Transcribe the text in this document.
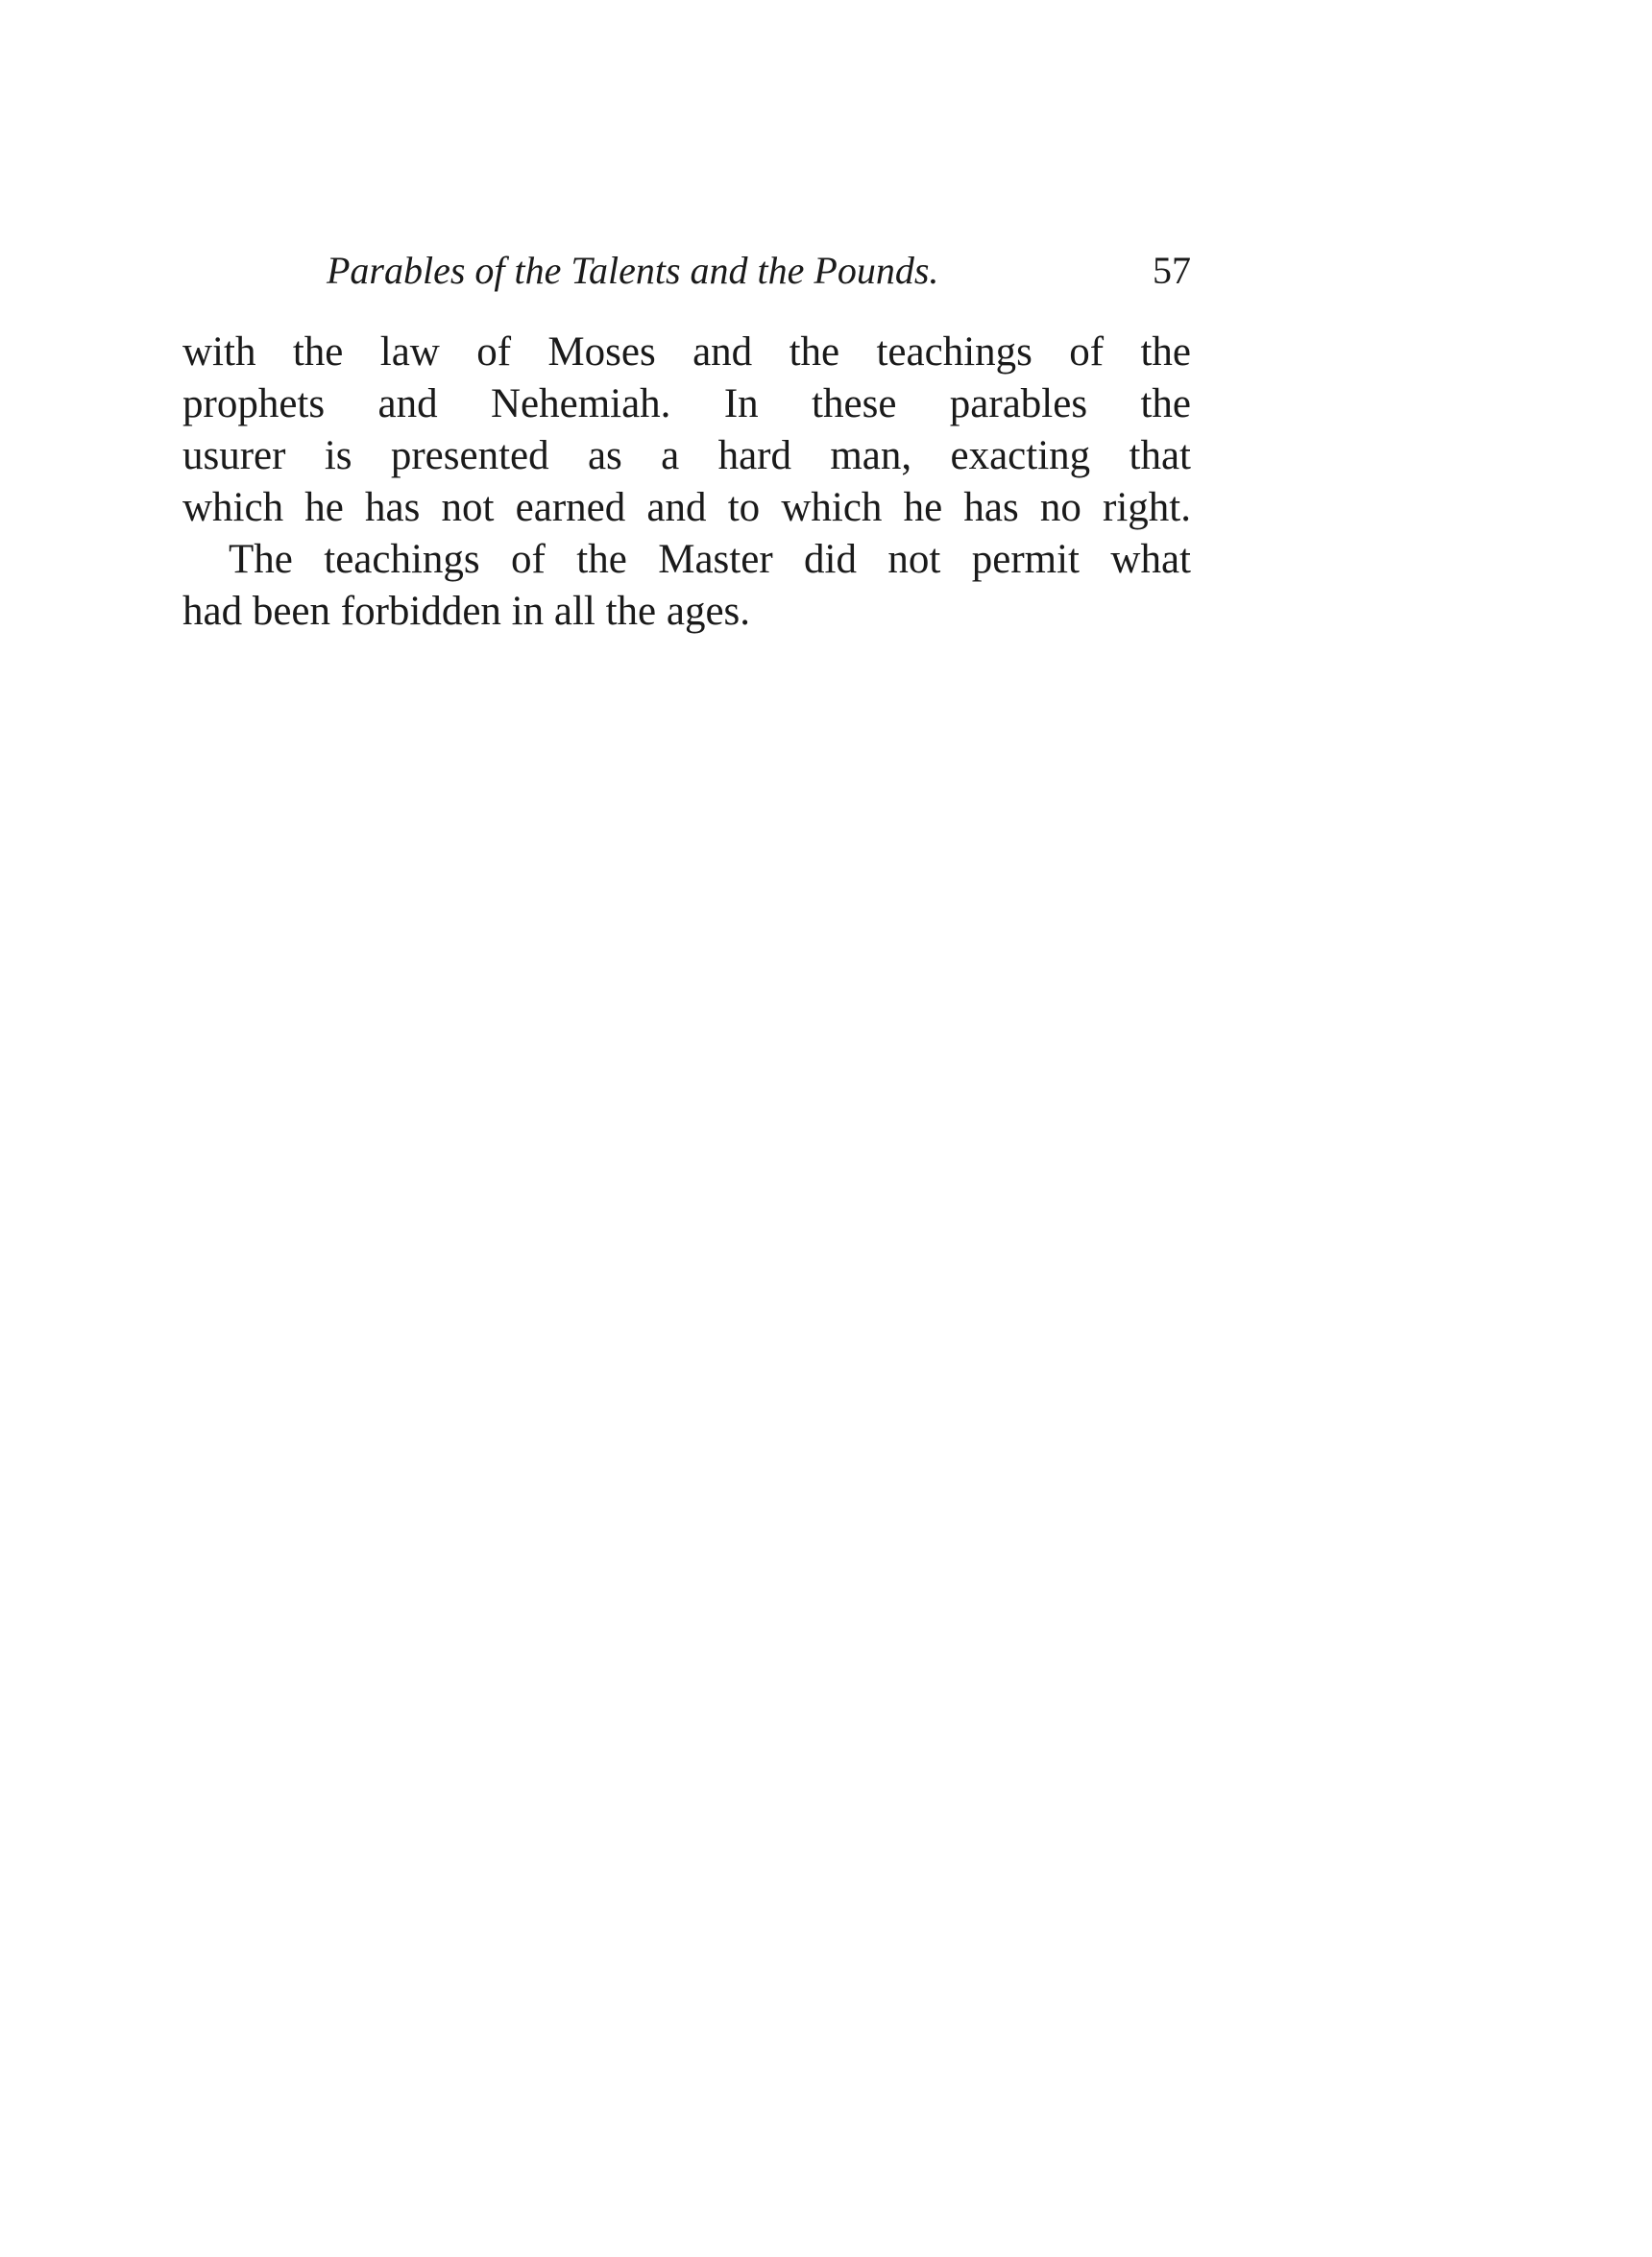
Parables of the Talents and the Pounds.	57

with the law of Moses and the teachings of the
prophets and Nehemiah. In these parables the
usurer is presented as a hard man, exacting that
which he has not earned and to which he has no right.

The teachings of the Master did not permit what
had been forbidden in all the ages.
